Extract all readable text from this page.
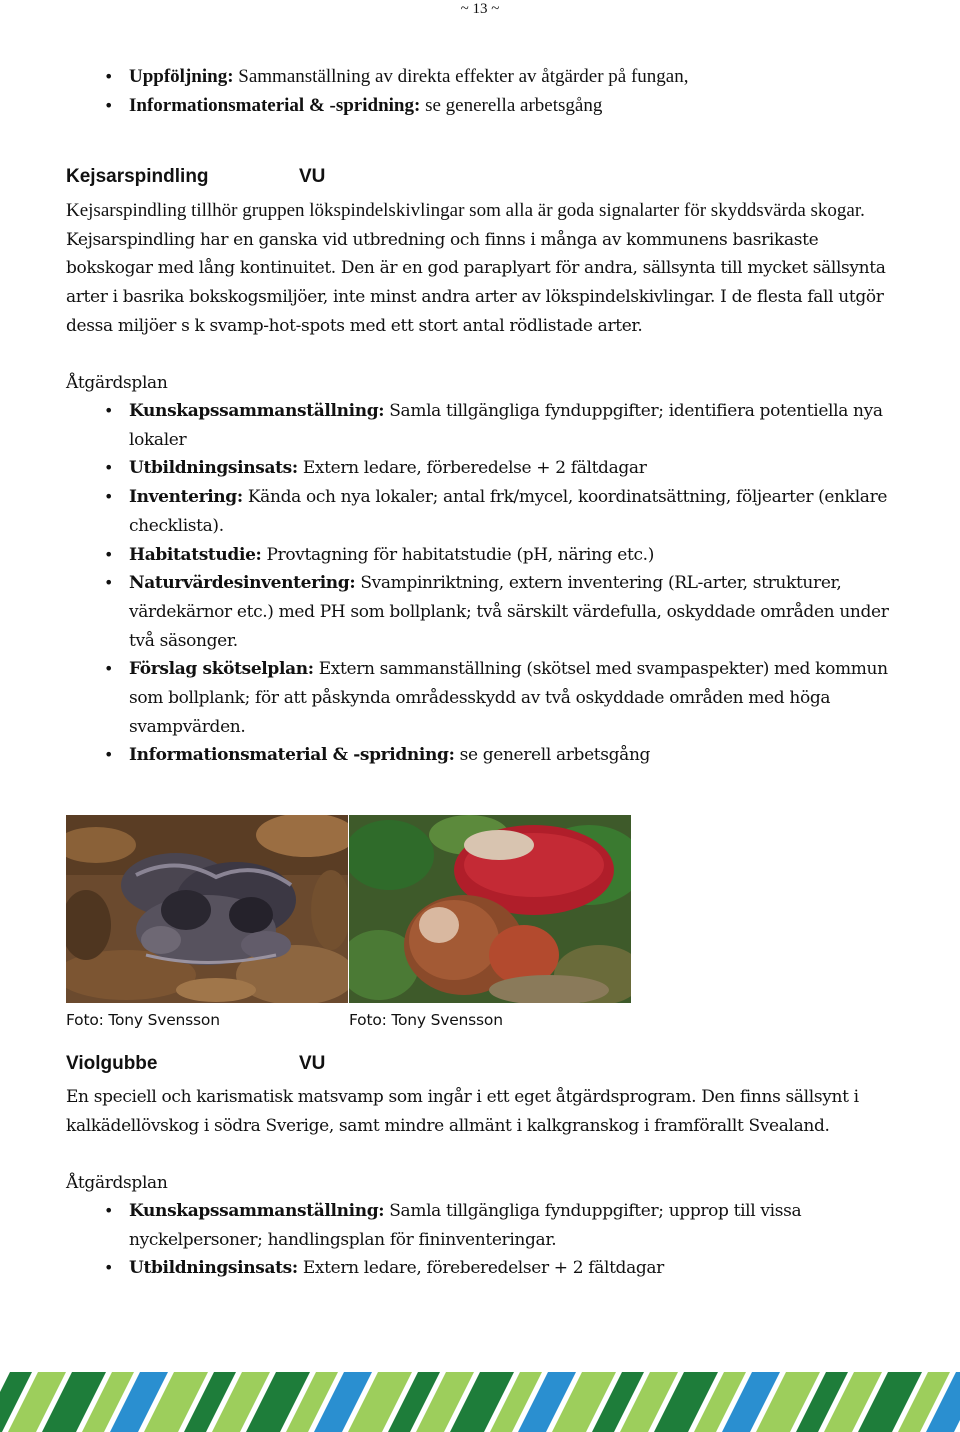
~ 13 ~
• Uppföljning: Sammanställning av direkta effekter av åtgärder på fungan,
• Informationsmaterial & -spridning: se generella arbetsgång
Kejsarspindling	VU
Kejsarspindling tillhör gruppen lökspindelskivlingar som alla är goda signalarter för skyddsvärda skogar. Kejsarspindling har en ganska vid utbredning och finns i många av kommunens basrikaste bokskogar med lång kontinuitet. Den är en god paraplyart för andra, sällsynta till mycket sällsynta arter i basrika bokskogsmiljöer, inte minst andra arter av lökspindelskivlingar. I de flesta fall utgör dessa miljöer s k svamp-hot-spots med ett stort antal rödlistade arter.
Åtgärdsplan
• Kunskapssammanställning: Samla tillgängliga fynduppgifter; identifiera potentiella nya lokaler
• Utbildningsinsats: Extern ledare, förberedelse + 2 fältdagar
• Inventering: Kända och nya lokaler; antal frk/mycel, koordinatsättning, följearter (enklare checklista).
• Habitatstudie: Provtagning för habitatstudie (pH, näring etc.)
• Naturvärdesinventering: Svampinriktning, extern inventering (RL-arter, strukturer, värdekärnor etc.) med PH som bollplank; två särskilt värdefulla, oskyddade områden under två säsonger.
• Förslag skötselplan: Extern sammanställning (skötsel med svampaspekter) med kommun som bollplank; för att påskynda områdesskydd av två oskyddade områden med höga svampvärden.
• Informationsmaterial & -spridning: se generell arbetsgång
Foto: Tony Svensson	Foto: Tony Svensson
Violgubbe	VU
En speciell och karismatisk matsvamp som ingår i ett eget åtgärdsprogram. Den finns sällsynt i kalkädellövskog i södra Sverige, samt mindre allmänt i kalkgranskog i framförallt Svealand.
Åtgärdsplan
• Kunskapssammanställning: Samla tillgängliga fynduppgifter; upprop till vissa nyckelpersoner; handlingsplan för fininventeringar.
• Utbildningsinsats: Extern ledare, föreberedelser + 2 fältdagar
